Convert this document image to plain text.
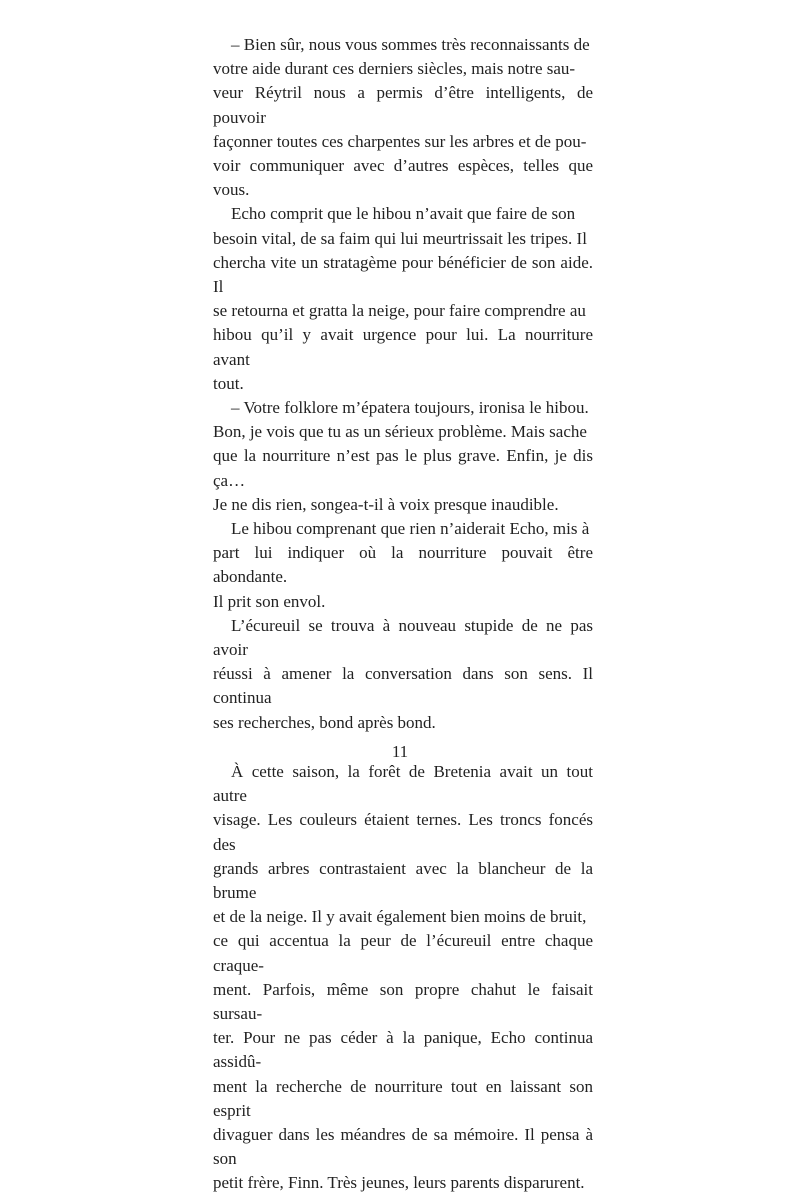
– Bien sûr, nous vous sommes très reconnaissants de
votre aide durant ces derniers siècles, mais notre sau-
veur Réytril nous a permis d’être intelligents, de pouvoir
façonner toutes ces charpentes sur les arbres et de pou-
voir communiquer avec d’autres espèces, telles que vous.

Echo comprit que le hibou n’avait que faire de son
besoin vital, de sa faim qui lui meurtrissait les tripes. Il
chercha vite un stratagème pour bénéficier de son aide. Il
se retourna et gratta la neige, pour faire comprendre au
hibou qu’il y avait urgence pour lui. La nourriture avant
tout.

– Votre folklore m’épatera toujours, ironisa le hibou.
Bon, je vois que tu as un sérieux problème. Mais sache
que la nourriture n’est pas le plus grave. Enfin, je dis ça…
Je ne dis rien, songea-t-il à voix presque inaudible.

Le hibou comprenant que rien n’aiderait Echo, mis à
part lui indiquer où la nourriture pouvait être abondante.
Il prit son envol.

L’écureuil se trouva à nouveau stupide de ne pas avoir
réussi à amener la conversation dans son sens. Il continua
ses recherches, bond après bond.

À cette saison, la forêt de Bretenia avait un tout autre
visage. Les couleurs étaient ternes. Les troncs foncés des
grands arbres contrastaient avec la blancheur de la brume
et de la neige. Il y avait également bien moins de bruit,
ce qui accentua la peur de l’écureuil entre chaque craque-
ment. Parfois, même son propre chahut le faisait sursau-
ter. Pour ne pas céder à la panique, Echo continua assidû-
ment la recherche de nourriture tout en laissant son esprit
divaguer dans les méandres de sa mémoire. Il pensa à son
petit frère, Finn. Très jeunes, leurs parents disparurent.

11
